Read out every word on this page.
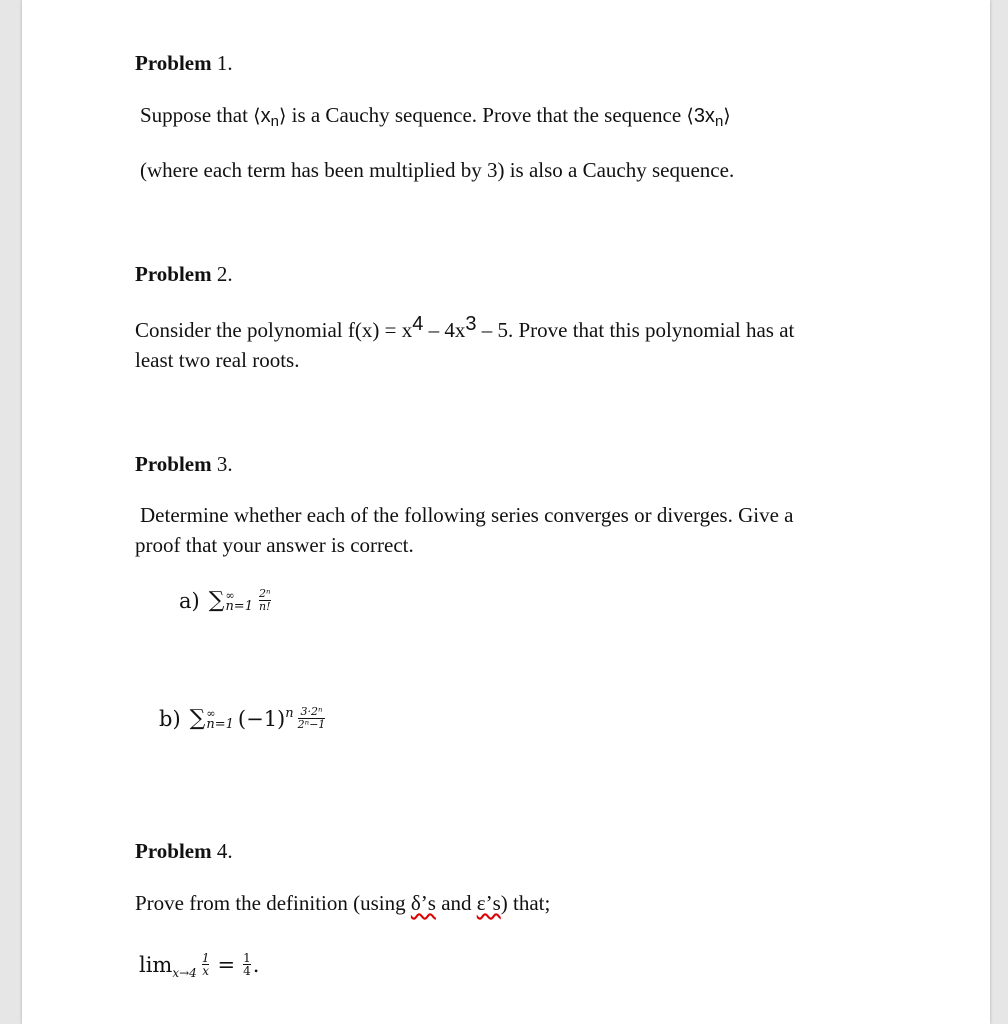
Problem 1.
Suppose that $⟨x_n⟩$ is a Cauchy sequence. Prove that the sequence $⟨3x_n⟩$
(where each term has been multiplied by 3) is also a Cauchy sequence.
Problem 2.
Consider the polynomial $f(x) = x^4 - 4x^3 - 5$. Prove that this polynomial has at
least two real roots.
Problem 3.
Determine whether each of the following series converges or diverges. Give a
proof that your answer is correct.
a) ∑ ∞
$n=1 \frac{\text{2ⁿ}}{n!}$
b) ∑ ∞
n=1 (−1) n $\frac{\text{3·2ⁿ}}{\text{2ⁿ−1}}$
Problem 4.
Prove from the definition (using δ’s and ε’s) that;
$\lim x\to 4 \frac{1}{x} = \frac{1}{4}$ .
